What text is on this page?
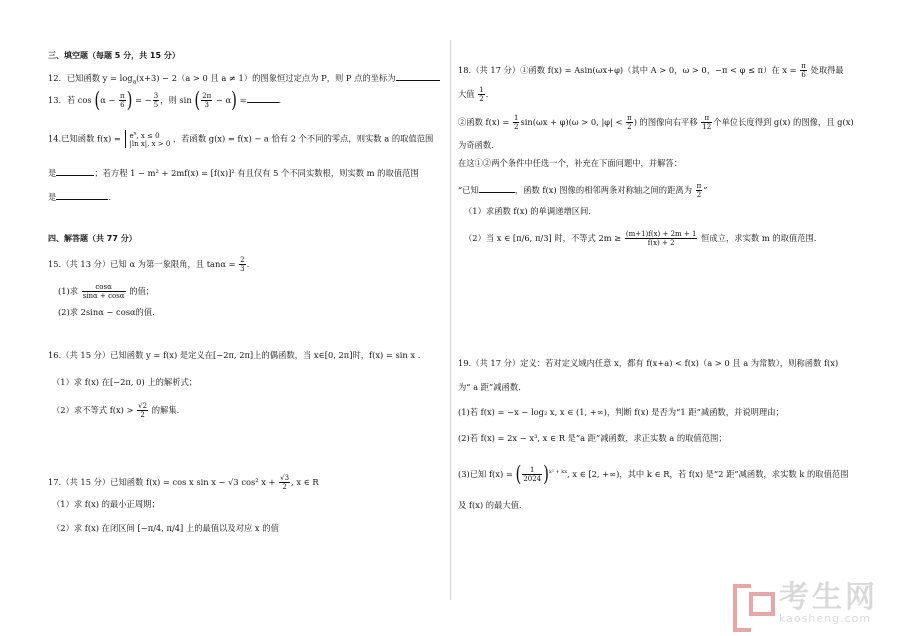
三、填空题（每题 5 分，共 15 分）
12．已知函数 $y = \log_a(x+3) - 2(a > 0$ 且 a ≠ 1）的图象恒过定点为 P，则 P 点的坐标为
13．若 $\cos (\alpha - \frac{\pi}{6}$ ) = − $\frac{3}{5}$ ，则 sin ( $\frac{2\pi}{3} - \alpha$) =	.
14.已知函数 $f(x) = e^x$, x ≤ 0
|ln x|, x > 0 ，若函数 g(x) = f(x) − a 恰有 2 个不同的零点，则实数 a 的取值范围
是	；若方程 1 − m² + 2mf(x) = [f(x)]² 有且仅有 5 个不同实数根，则实数 m 的取值范围
是	.
四、解答题（共 77 分）
15.（共 13 分）已知 α 为第一象限角，且 $\tan\alpha = \frac{2}{3}$ .
(1)求 $\frac{\cos\alpha}{\sin\alpha + \cos\alpha}$ 的值；
(2)求 2sinα − cosα的值.
16.（共 15 分）已知函数 y = f(x) 是定义在[−2π, 2π]上的偶函数，当 x∈[0, 2π]时，f(x) = sin x .
（1）求 f(x) 在[−2π, 0) 上的解析式；
（2）求不等式 $f(x) > \frac{√2}{2}$ 的解集.
17.（共 15 分）已知函数 f(x) = cos x sin x − √3 cos² $x + \frac{√3}{2}$ , x ∈ R
（1）求 f(x) 的最小正周期；
（2）求 f(x) 在闭区间 [−π/4, π/4] 上的最值以及对应 x 的值
18.（共 17 分）①函数 f(x) = Asin(ωx+φ)（其中 A > 0，ω > 0，−π < φ ≤ π）在 $x = \frac{\pi}{6}$ 处取得最
大值 $\frac{1}{2}$ .
②函数 $f(x) = \frac{1}{2} \sin(\omega x + \varphi)(\omega > 0$, $|\varphi| < \frac{\pi}{2}$ ) 的图像向右平移 $\frac{\pi}{12}$ 个单位长度得到 g(x) 的图像，且 g(x)
为奇函数.
在这①②两个条件中任选一个，补充在下面问题中，并解答：
“已知	，函数 f(x) 图像的相邻两条对称轴之间的距离为 $\frac{\pi}{2}$ ”
（1）求函数 f(x) 的单调递增区间.
（2）当 x ∈ [π/6, π/3] 时，不等式 $2m \ge \frac{(m+1)f(x) + 2m + 1}{f(x) + 2}$ 恒成立，求实数 m 的取值范围.
19.（共 17 分）定义：若对定义域内任意 x，都有 f(x+a) < f(x)（a > 0 且 a 为常数），则称函数 f(x)
为“ a 距”减函数.
(1)若 f(x) = −x − log₂ x, x ∈ (1, +∞)，判断 f(x) 是否为“1 距”减函数，并说明理由；
(2)若 f(x) = 2x − x³, x ∈ R 是“a 距”减函数，求正实数 a 的取值范围；
(3)已知 f(x) = ( $\frac{1}{2024} )^{x^2 + kx}$, x ∈ [2, +∞)，其中 k ∈ R，若 f(x) 是“2 距”减函数，求实数 k 的取值范围
及 f(x) 的最大值.
考生网
kaosheng.com
